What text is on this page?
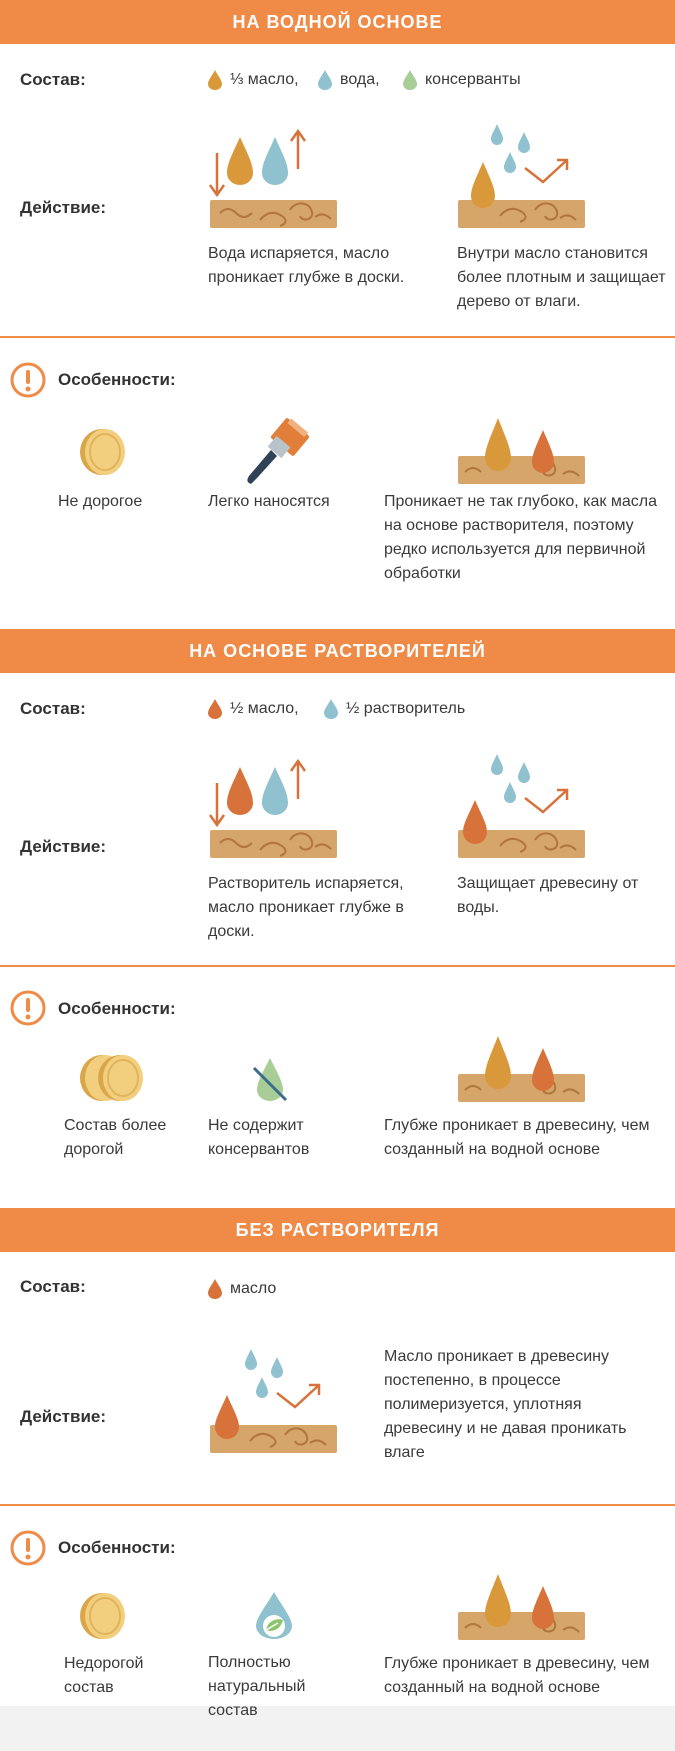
НА ВОДНОЙ ОСНОВЕ
Состав:	⅓ масло,	вода,	консерванты
Действие:
Вода испаряется, масло проникает глубже в доски.
Внутри масло становится более плотным и защищает дерево от влаги.
Особенности:
Не дорогое	Легко наносятся	Проникает не так глубоко, как масла на основе растворителя, поэтому редко используется для первичной обработки
НА ОСНОВЕ РАСТВОРИТЕЛЕЙ
Состав:	½ масло,	½ растворитель
Действие:
Растворитель испаряется, масло проникает глубже в доски.
Защищает древесину от воды.
Особенности:
Состав более дорогой
Не содержит консервантов
Глубже проникает в древесину, чем созданный на водной основе
БЕЗ РАСТВОРИТЕЛЯ
Состав:	масло
Действие:
Масло проникает в древесину постепенно, в процессе полимеризуется, уплотняя древесину и не давая проникать влаге
Особенности:
Недорогой состав
Полностью натуральный состав
Глубже проникает в древесину, чем созданный на водной основе
